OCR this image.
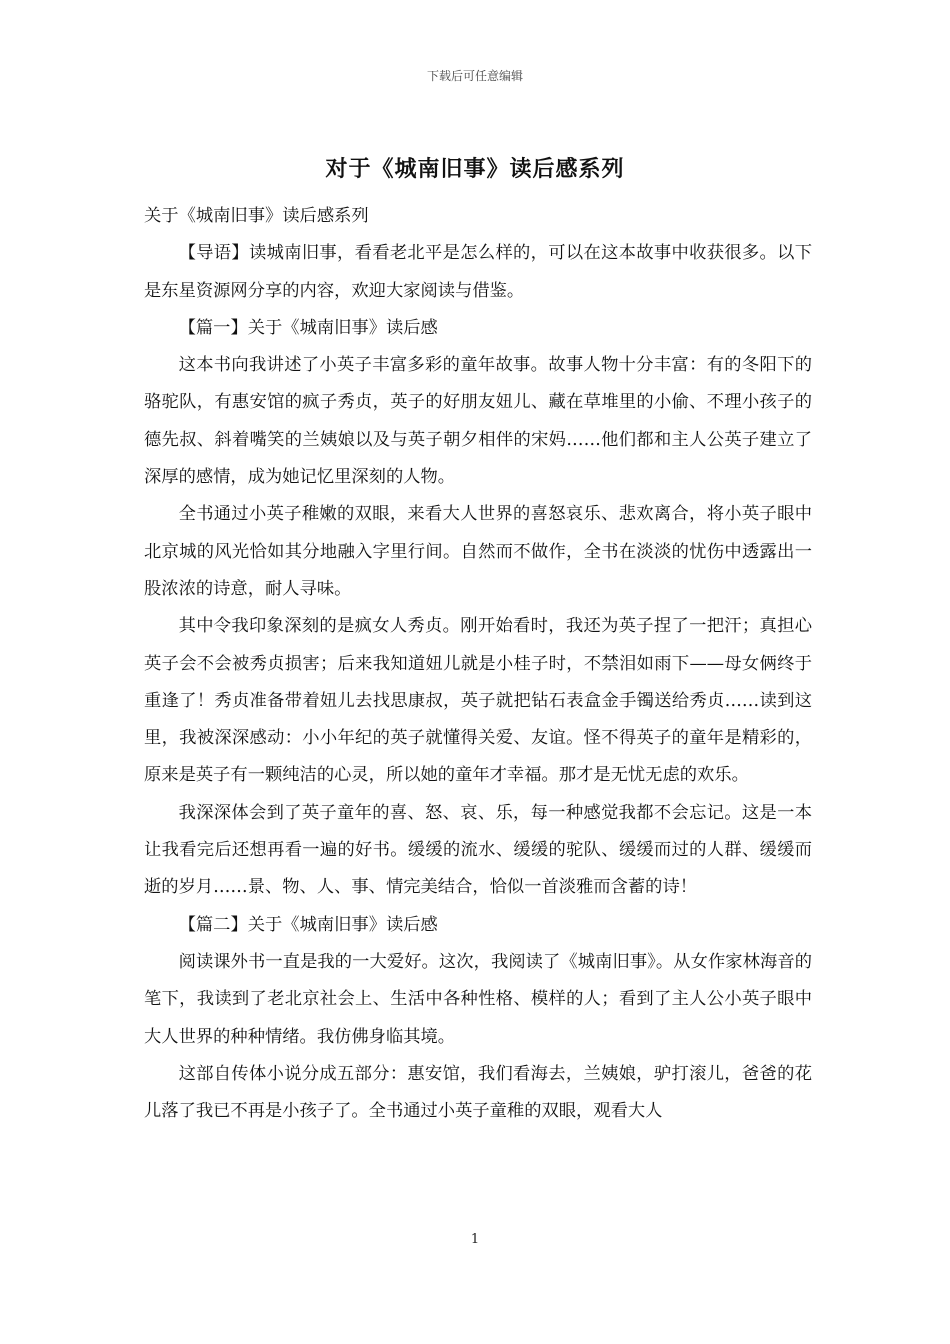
下载后可任意编辑
对于《城南旧事》读后感系列

关于《城南旧事》读后感系列

【导语】读城南旧事，看看老北平是怎么样的，可以在这本故事中收获很多。以下是东星资源网分享的内容，欢迎大家阅读与借鉴。

【篇一】关于《城南旧事》读后感

这本书向我讲述了小英子丰富多彩的童年故事。故事人物十分丰富：有的冬阳下的骆驼队，有惠安馆的疯子秀贞，英子的好朋友妞儿、藏在草堆里的小偷、不理小孩子的德先叔、斜着嘴笑的兰姨娘以及与英子朝夕相伴的宋妈……他们都和主人公英子建立了深厚的感情，成为她记忆里深刻的人物。

全书通过小英子稚嫩的双眼，来看大人世界的喜怒哀乐、悲欢离合，将小英子眼中北京城的风光恰如其分地融入字里行间。自然而不做作，全书在淡淡的忧伤中透露出一股浓浓的诗意，耐人寻味。

其中令我印象深刻的是疯女人秀贞。刚开始看时，我还为英子捏了一把汗；真担心英子会不会被秀贞损害；后来我知道妞儿就是小桂子时，不禁泪如雨下——母女俩终于重逢了！秀贞准备带着妞儿去找思康叔，英子就把钻石表盒金手镯送给秀贞……读到这里，我被深深感动：小小年纪的英子就懂得关爱、友谊。怪不得英子的童年是精彩的，原来是英子有一颗纯洁的心灵，所以她的童年才幸福。那才是无忧无虑的欢乐。

我深深体会到了英子童年的喜、怒、哀、乐，每一种感觉我都不会忘记。这是一本让我看完后还想再看一遍的好书。缓缓的流水、缓缓的驼队、缓缓而过的人群、缓缓而逝的岁月……景、物、人、事、情完美结合，恰似一首淡雅而含蓄的诗！

【篇二】关于《城南旧事》读后感

阅读课外书一直是我的一大爱好。这次，我阅读了《城南旧事》。从女作家林海音的笔下，我读到了老北京社会上、生活中各种性格、模样的人；看到了主人公小英子眼中大人世界的种种情绪。我仿佛身临其境。

这部自传体小说分成五部分：惠安馆，我们看海去，兰姨娘，驴打滚儿，爸爸的花儿落了我已不再是小孩子了。全书通过小英子童稚的双眼，观看大人

1
